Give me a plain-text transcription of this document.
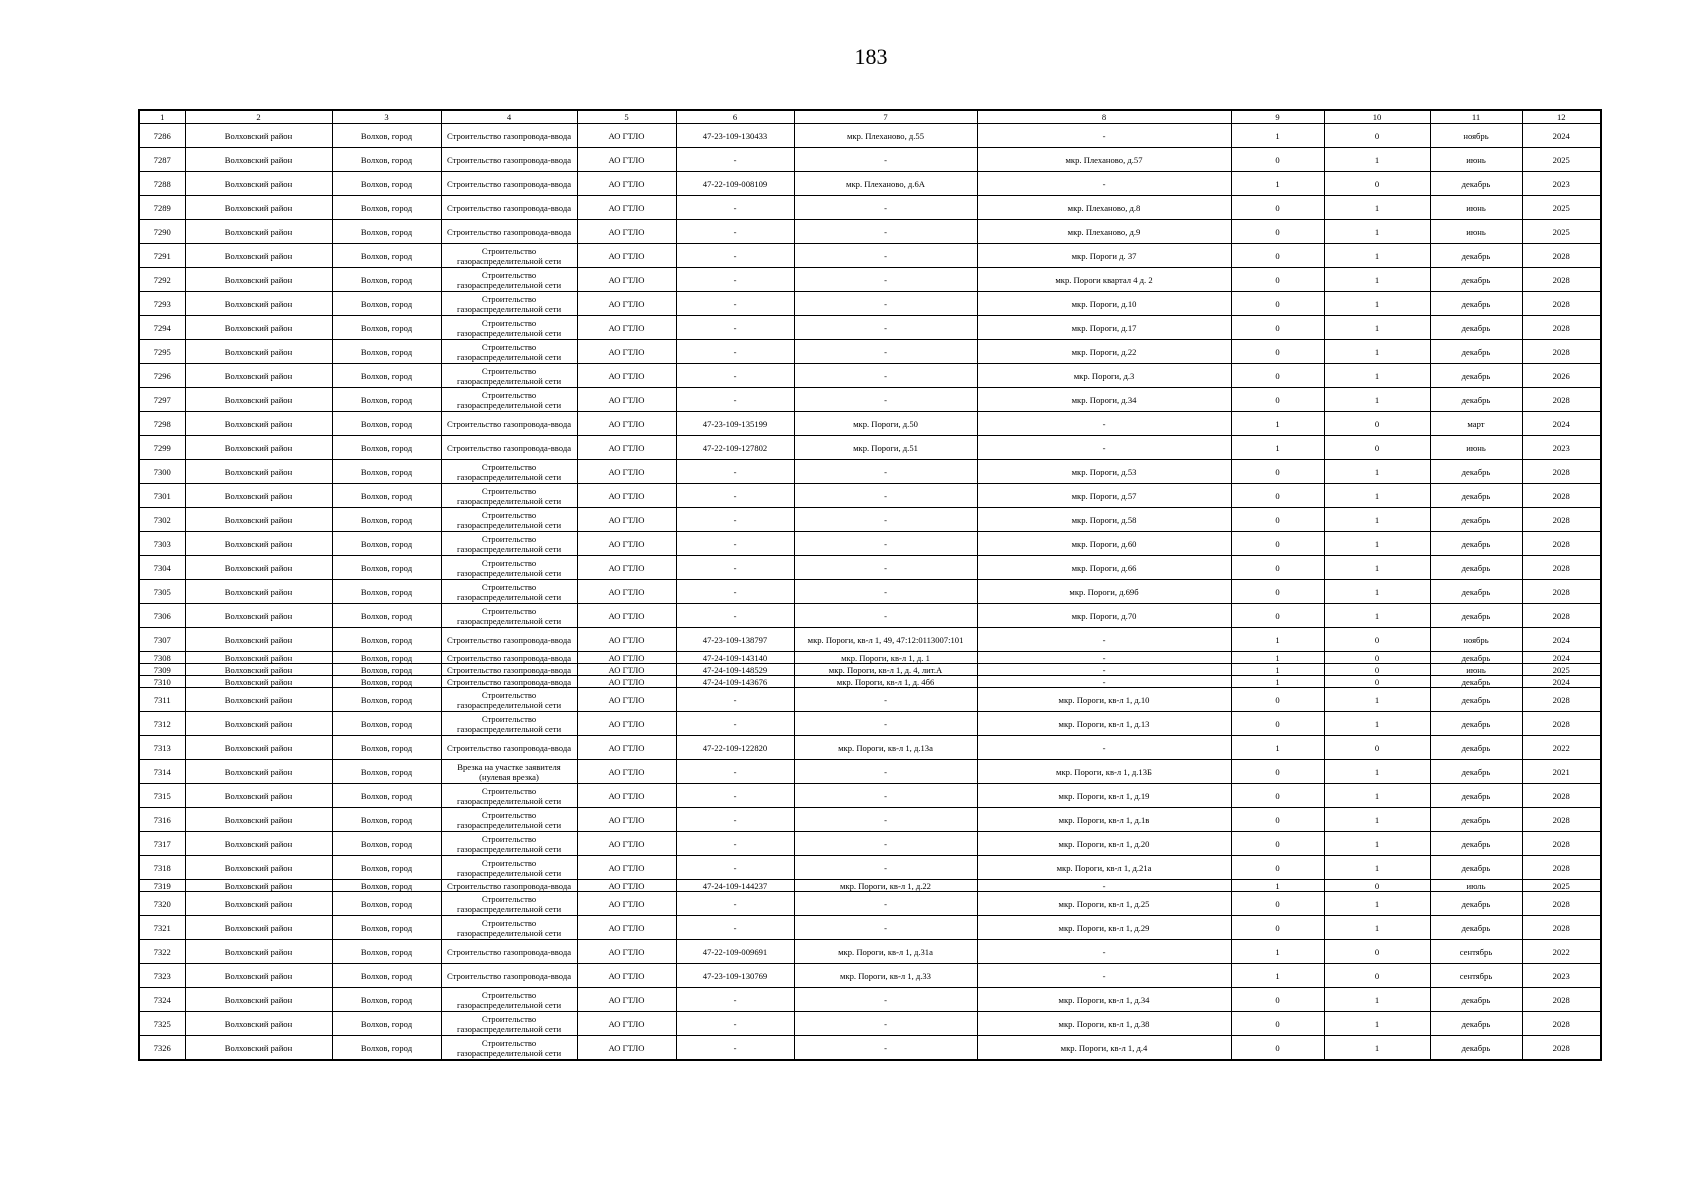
183
1	2	3	4	5	6	7	8	9	10	11	12
7286	Волховский район	Волхов, город	Строительство газопровода-ввода	АО ГТЛО	47-23-109-130433	мкр. Плеханово, д.55	-	1	0	ноябрь	2024
7287	Волховский район	Волхов, город	Строительство газопровода-ввода	АО ГТЛО	-	-	мкр. Плеханово, д.57	0	1	июнь	2025
7288	Волховский район	Волхов, город	Строительство газопровода-ввода	АО ГТЛО	47-22-109-008109	мкр. Плеханово, д.6А	-	1	0	декабрь	2023
7289	Волховский район	Волхов, город	Строительство газопровода-ввода	АО ГТЛО	-	-	мкр. Плеханово, д.8	0	1	июнь	2025
7290	Волховский район	Волхов, город	Строительство газопровода-ввода	АО ГТЛО	-	-	мкр. Плеханово, д.9	0	1	июнь	2025
7291	Волховский район	Волхов, город	Строительство газораспределительной сети	АО ГТЛО	-	-	мкр. Пороги д. 37	0	1	декабрь	2028
7292	Волховский район	Волхов, город	Строительство газораспределительной сети	АО ГТЛО	-	-	мкр. Пороги квартал 4 д. 2	0	1	декабрь	2028
7293	Волховский район	Волхов, город	Строительство газораспределительной сети	АО ГТЛО	-	-	мкр. Пороги, д.10	0	1	декабрь	2028
7294	Волховский район	Волхов, город	Строительство газораспределительной сети	АО ГТЛО	-	-	мкр. Пороги, д.17	0	1	декабрь	2028
7295	Волховский район	Волхов, город	Строительство газораспределительной сети	АО ГТЛО	-	-	мкр. Пороги, д.22	0	1	декабрь	2028
7296	Волховский район	Волхов, город	Строительство газораспределительной сети	АО ГТЛО	-	-	мкр. Пороги, д.3	0	1	декабрь	2026
7297	Волховский район	Волхов, город	Строительство газораспределительной сети	АО ГТЛО	-	-	мкр. Пороги, д.34	0	1	декабрь	2028
7298	Волховский район	Волхов, город	Строительство газопровода-ввода	АО ГТЛО	47-23-109-135199	мкр. Пороги, д.50	-	1	0	март	2024
7299	Волховский район	Волхов, город	Строительство газопровода-ввода	АО ГТЛО	47-22-109-127802	мкр. Пороги, д.51	-	1	0	июнь	2023
7300	Волховский район	Волхов, город	Строительство газораспределительной сети	АО ГТЛО	-	-	мкр. Пороги, д.53	0	1	декабрь	2028
7301	Волховский район	Волхов, город	Строительство газораспределительной сети	АО ГТЛО	-	-	мкр. Пороги, д.57	0	1	декабрь	2028
7302	Волховский район	Волхов, город	Строительство газораспределительной сети	АО ГТЛО	-	-	мкр. Пороги, д.58	0	1	декабрь	2028
7303	Волховский район	Волхов, город	Строительство газораспределительной сети	АО ГТЛО	-	-	мкр. Пороги, д.60	0	1	декабрь	2028
7304	Волховский район	Волхов, город	Строительство газораспределительной сети	АО ГТЛО	-	-	мкр. Пороги, д.66	0	1	декабрь	2028
7305	Волховский район	Волхов, город	Строительство газораспределительной сети	АО ГТЛО	-	-	мкр. Пороги, д.69б	0	1	декабрь	2028
7306	Волховский район	Волхов, город	Строительство газораспределительной сети	АО ГТЛО	-	-	мкр. Пороги, д.70	0	1	декабрь	2028
7307	Волховский район	Волхов, город	Строительство газопровода-ввода	АО ГТЛО	47-23-109-138797	мкр. Пороги, кв-л 1, 49, 47:12:0113007:101	-	1	0	ноябрь	2024
7308	Волховский район	Волхов, город	Строительство газопровода-ввода	АО ГТЛО	47-24-109-143140	мкр. Пороги, кв-л 1, д. 1	-	1	0	декабрь	2024
7309	Волховский район	Волхов, город	Строительство газопровода-ввода	АО ГТЛО	47-24-109-148529	мкр. Пороги, кв-л 1, д. 4, лит.А	-	1	0	июнь	2025
7310	Волховский район	Волхов, город	Строительство газопровода-ввода	АО ГТЛО	47-24-109-143676	мкр. Пороги, кв-л 1, д. 4б6	-	1	0	декабрь	2024
7311	Волховский район	Волхов, город	Строительство газораспределительной сети	АО ГТЛО	-	-	мкр. Пороги, кв-л 1, д.10	0	1	декабрь	2028
7312	Волховский район	Волхов, город	Строительство газораспределительной сети	АО ГТЛО	-	-	мкр. Пороги, кв-л 1, д.13	0	1	декабрь	2028
7313	Волховский район	Волхов, город	Строительство газопровода-ввода	АО ГТЛО	47-22-109-122820	мкр. Пороги, кв-л 1, д.13а	-	1	0	декабрь	2022
7314	Волховский район	Волхов, город	Врезка на участке заявителя (нулевая врезка)	АО ГТЛО	-	-	мкр. Пороги, кв-л 1, д.13Б	0	1	декабрь	2021
7315	Волховский район	Волхов, город	Строительство газораспределительной сети	АО ГТЛО	-	-	мкр. Пороги, кв-л 1, д.19	0	1	декабрь	2028
7316	Волховский район	Волхов, город	Строительство газораспределительной сети	АО ГТЛО	-	-	мкр. Пороги, кв-л 1, д.1в	0	1	декабрь	2028
7317	Волховский район	Волхов, город	Строительство газораспределительной сети	АО ГТЛО	-	-	мкр. Пороги, кв-л 1, д.20	0	1	декабрь	2028
7318	Волховский район	Волхов, город	Строительство газораспределительной сети	АО ГТЛО	-	-	мкр. Пороги, кв-л 1, д.21а	0	1	декабрь	2028
7319	Волховский район	Волхов, город	Строительство газопровода-ввода	АО ГТЛО	47-24-109-144237	мкр. Пороги, кв-л 1, д.22	-	1	0	июль	2025
7320	Волховский район	Волхов, город	Строительство газораспределительной сети	АО ГТЛО	-	-	мкр. Пороги, кв-л 1, д.25	0	1	декабрь	2028
7321	Волховский район	Волхов, город	Строительство газораспределительной сети	АО ГТЛО	-	-	мкр. Пороги, кв-л 1, д.29	0	1	декабрь	2028
7322	Волховский район	Волхов, город	Строительство газопровода-ввода	АО ГТЛО	47-22-109-009691	мкр. Пороги, кв-л 1, д.31а	-	1	0	сентябрь	2022
7323	Волховский район	Волхов, город	Строительство газопровода-ввода	АО ГТЛО	47-23-109-130769	мкр. Пороги, кв-л 1, д.33	-	1	0	сентябрь	2023
7324	Волховский район	Волхов, город	Строительство газораспределительной сети	АО ГТЛО	-	-	мкр. Пороги, кв-л 1, д.34	0	1	декабрь	2028
7325	Волховский район	Волхов, город	Строительство газораспределительной сети	АО ГТЛО	-	-	мкр. Пороги, кв-л 1, д.38	0	1	декабрь	2028
7326	Волховский район	Волхов, город	Строительство газораспределительной сети	АО ГТЛО	-	-	мкр. Пороги, кв-л 1, д.4	0	1	декабрь	2028
